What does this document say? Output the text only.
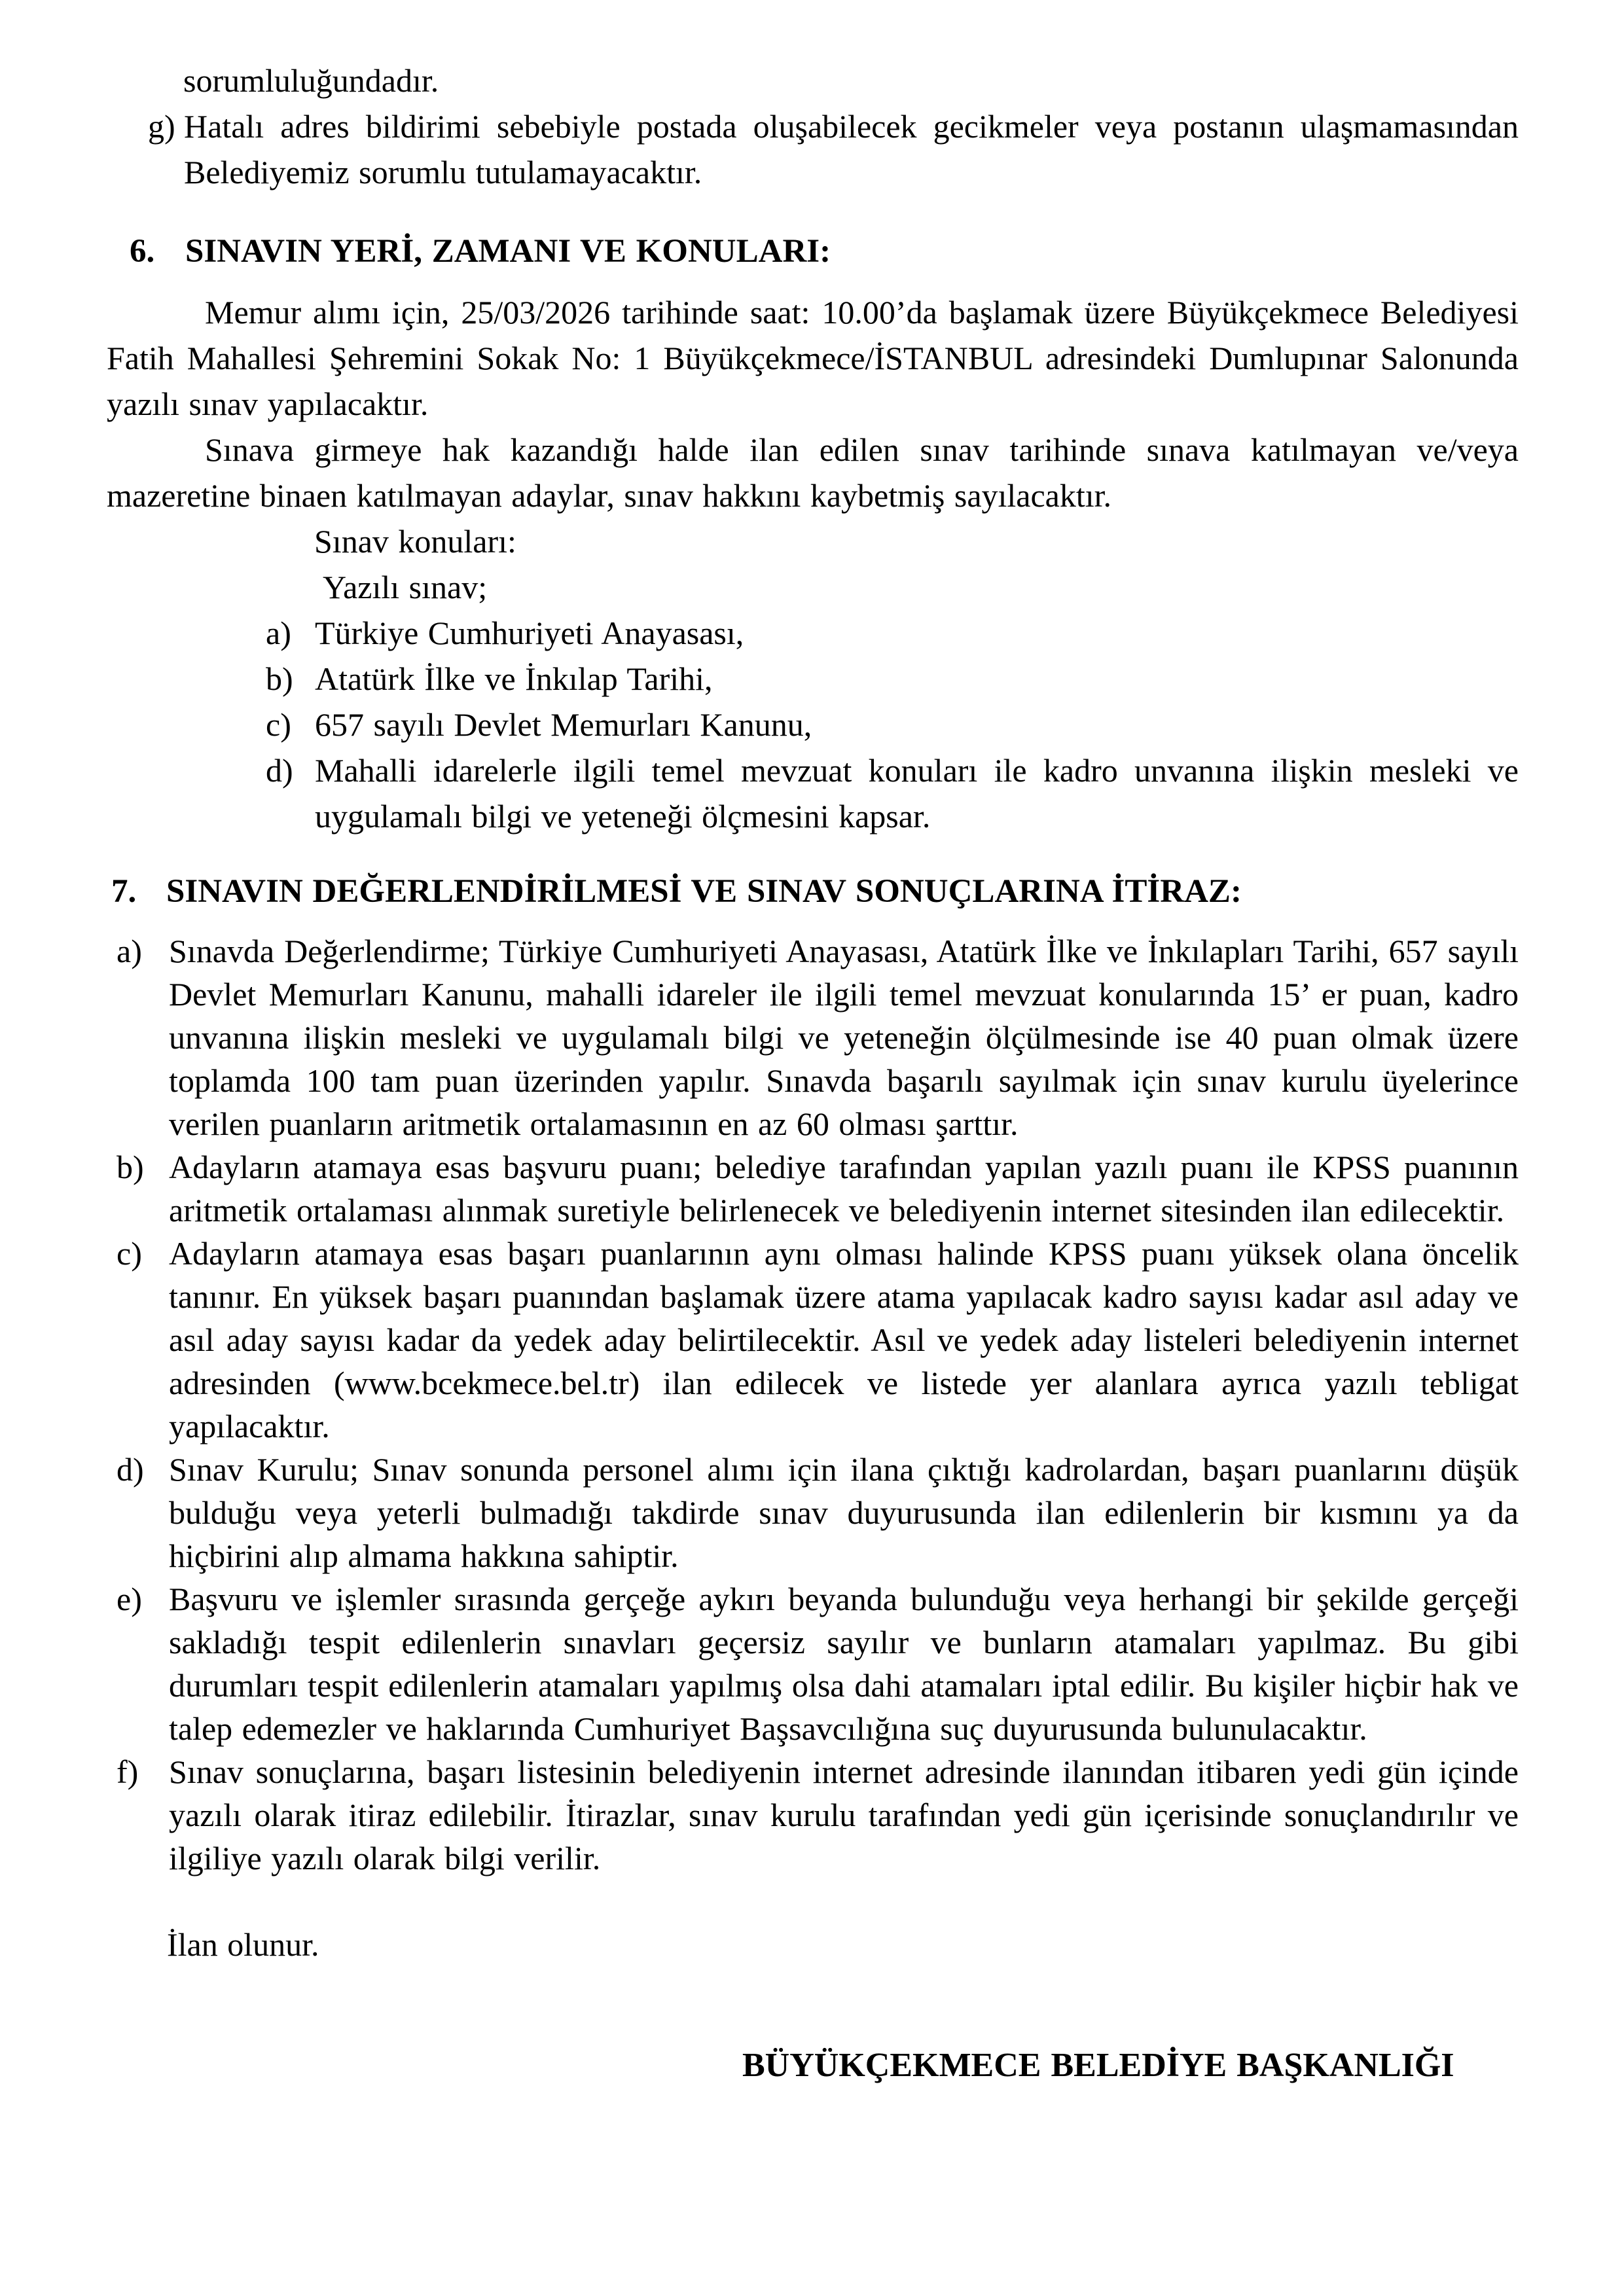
sorumluluğundadır.

g) Hatalı adres bildirimi sebebiyle postada oluşabilecek gecikmeler veya postanın ulaşmamasından Belediyemiz sorumlu tutulamayacaktır.
6. SINAVIN YERİ, ZAMANI VE KONULARI:

Memur alımı için, 25/03/2026 tarihinde saat: 10.00’da başlamak üzere Büyükçekmece Belediyesi Fatih Mahallesi Şehremini Sokak No: 1 Büyükçekmece/İSTANBUL adresindeki Dumlupınar Salonunda yazılı sınav yapılacaktır.

Sınava girmeye hak kazandığı halde ilan edilen sınav tarihinde sınava katılmayan ve/veya mazeretine binaen katılmayan adaylar, sınav hakkını kaybetmiş sayılacaktır.

Sınav konuları:

Yazılı sınav;

a) Türkiye Cumhuriyeti Anayasası,
b) Atatürk İlke ve İnkılap Tarihi,
c) 657 sayılı Devlet Memurları Kanunu,
d) Mahalli idarelerle ilgili temel mevzuat konuları ile kadro unvanına ilişkin mesleki ve uygulamalı bilgi ve yeteneği ölçmesini kapsar.
7. SINAVIN DEĞERLENDİRİLMESİ VE SINAV SONUÇLARINA İTİRAZ:
a) Sınavda Değerlendirme; Türkiye Cumhuriyeti Anayasası, Atatürk İlke ve İnkılapları Tarihi, 657 sayılı Devlet Memurları Kanunu, mahalli idareler ile ilgili temel mevzuat konularında 15’ er puan, kadro unvanına ilişkin mesleki ve uygulamalı bilgi ve yeteneğin ölçülmesinde ise 40 puan olmak üzere toplamda 100 tam puan üzerinden yapılır. Sınavda başarılı sayılmak için sınav kurulu üyelerince verilen puanların aritmetik ortalamasının en az 60 olması şarttır.
b) Adayların atamaya esas başvuru puanı; belediye tarafından yapılan yazılı puanı ile KPSS puanının aritmetik ortalaması alınmak suretiyle belirlenecek ve belediyenin internet sitesinden ilan edilecektir.
c) Adayların atamaya esas başarı puanlarının aynı olması halinde KPSS puanı yüksek olana öncelik tanınır. En yüksek başarı puanından başlamak üzere atama yapılacak kadro sayısı kadar asıl aday ve asıl aday sayısı kadar da yedek aday belirtilecektir. Asıl ve yedek aday listeleri belediyenin internet adresinden (www.bcekmece.bel.tr) ilan edilecek ve listede yer alanlara ayrıca yazılı tebligat yapılacaktır.
d) Sınav Kurulu; Sınav sonunda personel alımı için ilana çıktığı kadrolardan, başarı puanlarını düşük bulduğu veya yeterli bulmadığı takdirde sınav duyurusunda ilan edilenlerin bir kısmını ya da hiçbirini alıp almama hakkına sahiptir.
e) Başvuru ve işlemler sırasında gerçeğe aykırı beyanda bulunduğu veya herhangi bir şekilde gerçeği sakladığı tespit edilenlerin sınavları geçersiz sayılır ve bunların atamaları yapılmaz. Bu gibi durumları tespit edilenlerin atamaları yapılmış olsa dahi atamaları iptal edilir. Bu kişiler hiçbir hak ve talep edemezler ve haklarında Cumhuriyet Başsavcılığına suç duyurusunda bulunulacaktır.
f) Sınav sonuçlarına, başarı listesinin belediyenin internet adresinde ilanından itibaren yedi gün içinde yazılı olarak itiraz edilebilir. İtirazlar, sınav kurulu tarafından yedi gün içerisinde sonuçlandırılır ve ilgiliye yazılı olarak bilgi verilir.

İlan olunur.

BÜYÜKÇEKMECE BELEDİYE BAŞKANLIĞI
